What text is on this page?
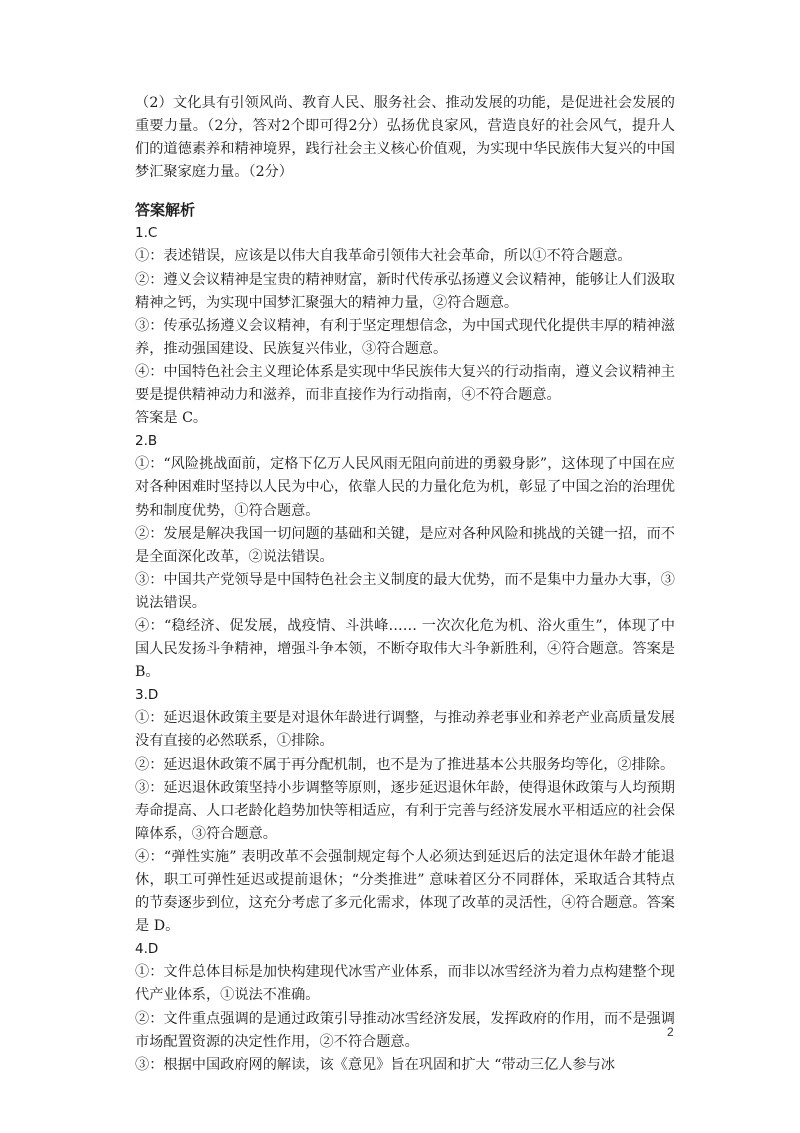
（2）文化具有引领风尚、教育人民、服务社会、推动发展的功能，是促进社会发展的重要力量。（2分，答对2个即可得2分）弘扬优良家风，营造良好的社会风气，提升人们的道德素养和精神境界，践行社会主义核心价值观，为实现中华民族伟大复兴的中国梦汇聚家庭力量。（2分）

答案解析
1.C

①：表述错误，应该是以伟大自我革命引领伟大社会革命，所以①不符合题意。

②：遵义会议精神是宝贵的精神财富，新时代传承弘扬遵义会议精神，能够让人们汲取精神之钙，为实现中国梦汇聚强大的精神力量，②符合题意。

③：传承弘扬遵义会议精神，有利于坚定理想信念，为中国式现代化提供丰厚的精神滋养，推动强国建设、民族复兴伟业，③符合题意。

④：中国特色社会主义理论体系是实现中华民族伟大复兴的行动指南，遵义会议精神主要是提供精神动力和滋养，而非直接作为行动指南，④不符合题意。

答案是 C。

2.B

①：“风险挑战面前，定格下亿万人民风雨无阻向前进的勇毅身影”，这体现了中国在应对各种困难时坚持以人民为中心，依靠人民的力量化危为机，彰显了中国之治的治理优势和制度优势，①符合题意。

②：发展是解决我国一切问题的基础和关键，是应对各种风险和挑战的关键一招，而不是全面深化改革，②说法错误。

③：中国共产党领导是中国特色社会主义制度的最大优势，而不是集中力量办大事，③说法错误。

④：“稳经济、促发展，战疫情、斗洪峰…… 一次次化危为机、浴火重生”，体现了中国人民发扬斗争精神，增强斗争本领，不断夺取伟大斗争新胜利，④符合题意。答案是 B。

3.D

①：延迟退休政策主要是对退休年龄进行调整，与推动养老事业和养老产业高质量发展没有直接的必然联系，①排除。

②：延迟退休政策不属于再分配机制，也不是为了推进基本公共服务均等化，②排除。

③：延迟退休政策坚持小步调整等原则，逐步延迟退休年龄，使得退休政策与人均预期寿命提高、人口老龄化趋势加快等相适应，有利于完善与经济发展水平相适应的社会保障体系，③符合题意。

④：“弹性实施” 表明改革不会强制规定每个人必须达到延迟后的法定退休年龄才能退休，职工可弹性延迟或提前退休；“分类推进” 意味着区分不同群体，采取适合其特点的节奏逐步到位，这充分考虑了多元化需求，体现了改革的灵活性，④符合题意。答案是 D。

4.D

①：文件总体目标是加快构建现代冰雪产业体系，而非以冰雪经济为着力点构建整个现代产业体系，①说法不准确。

②：文件重点强调的是通过政策引导推动冰雪经济发展，发挥政府的作用，而不是强调市场配置资源的决定性作用，②不符合题意。

③：根据中国政府网的解读，该《意见》旨在巩固和扩大 “带动三亿人参与冰

2
